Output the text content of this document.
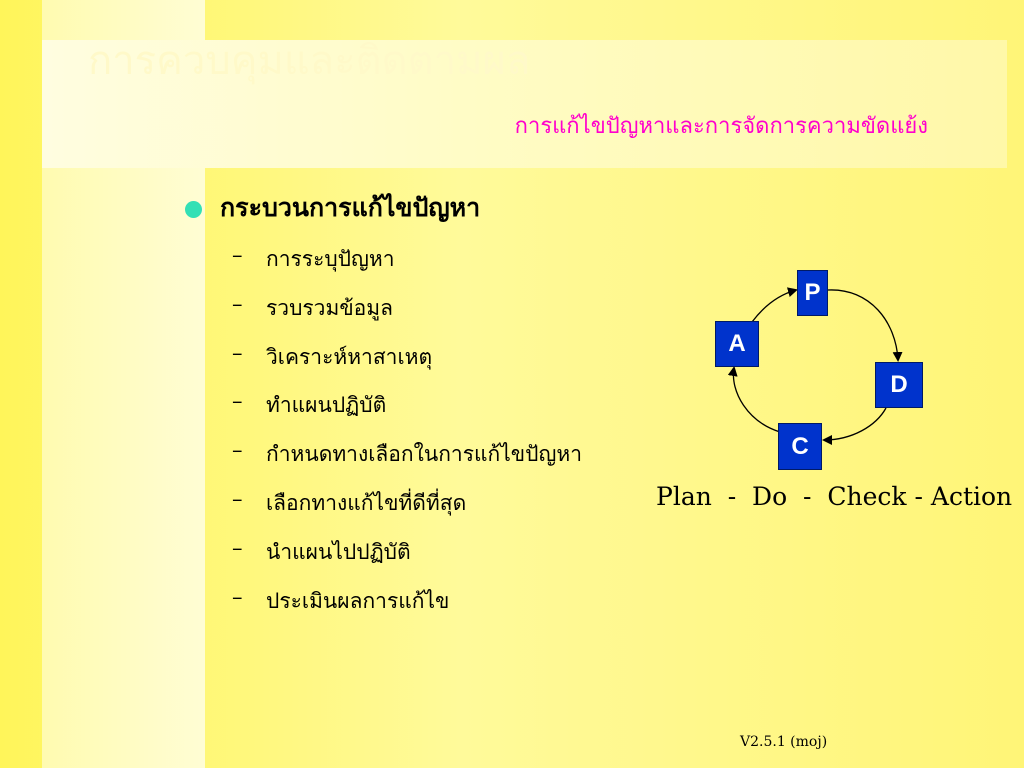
การควบคุมและติดตามผล
การแก้ไขปัญหาและการจัดการความขัดแย้ง
กระบวนการแก้ไขปัญหา
–	การระบุปัญหา
–	รวบรวมข้อมูล
–	วิเคราะห์หาสาเหตุ
–	ทำแผนปฏิบัติ
–	กำหนดทางเลือกในการแก้ไขปัญหา
–	เลือกทางแก้ไขที่ดีที่สุด
–	นำแผนไปปฏิบัติ
–	ประเมินผลการแก้ไข
P
D
C
A
Plan  -  Do  -  Check - Action
V2.5.1 (moj)
